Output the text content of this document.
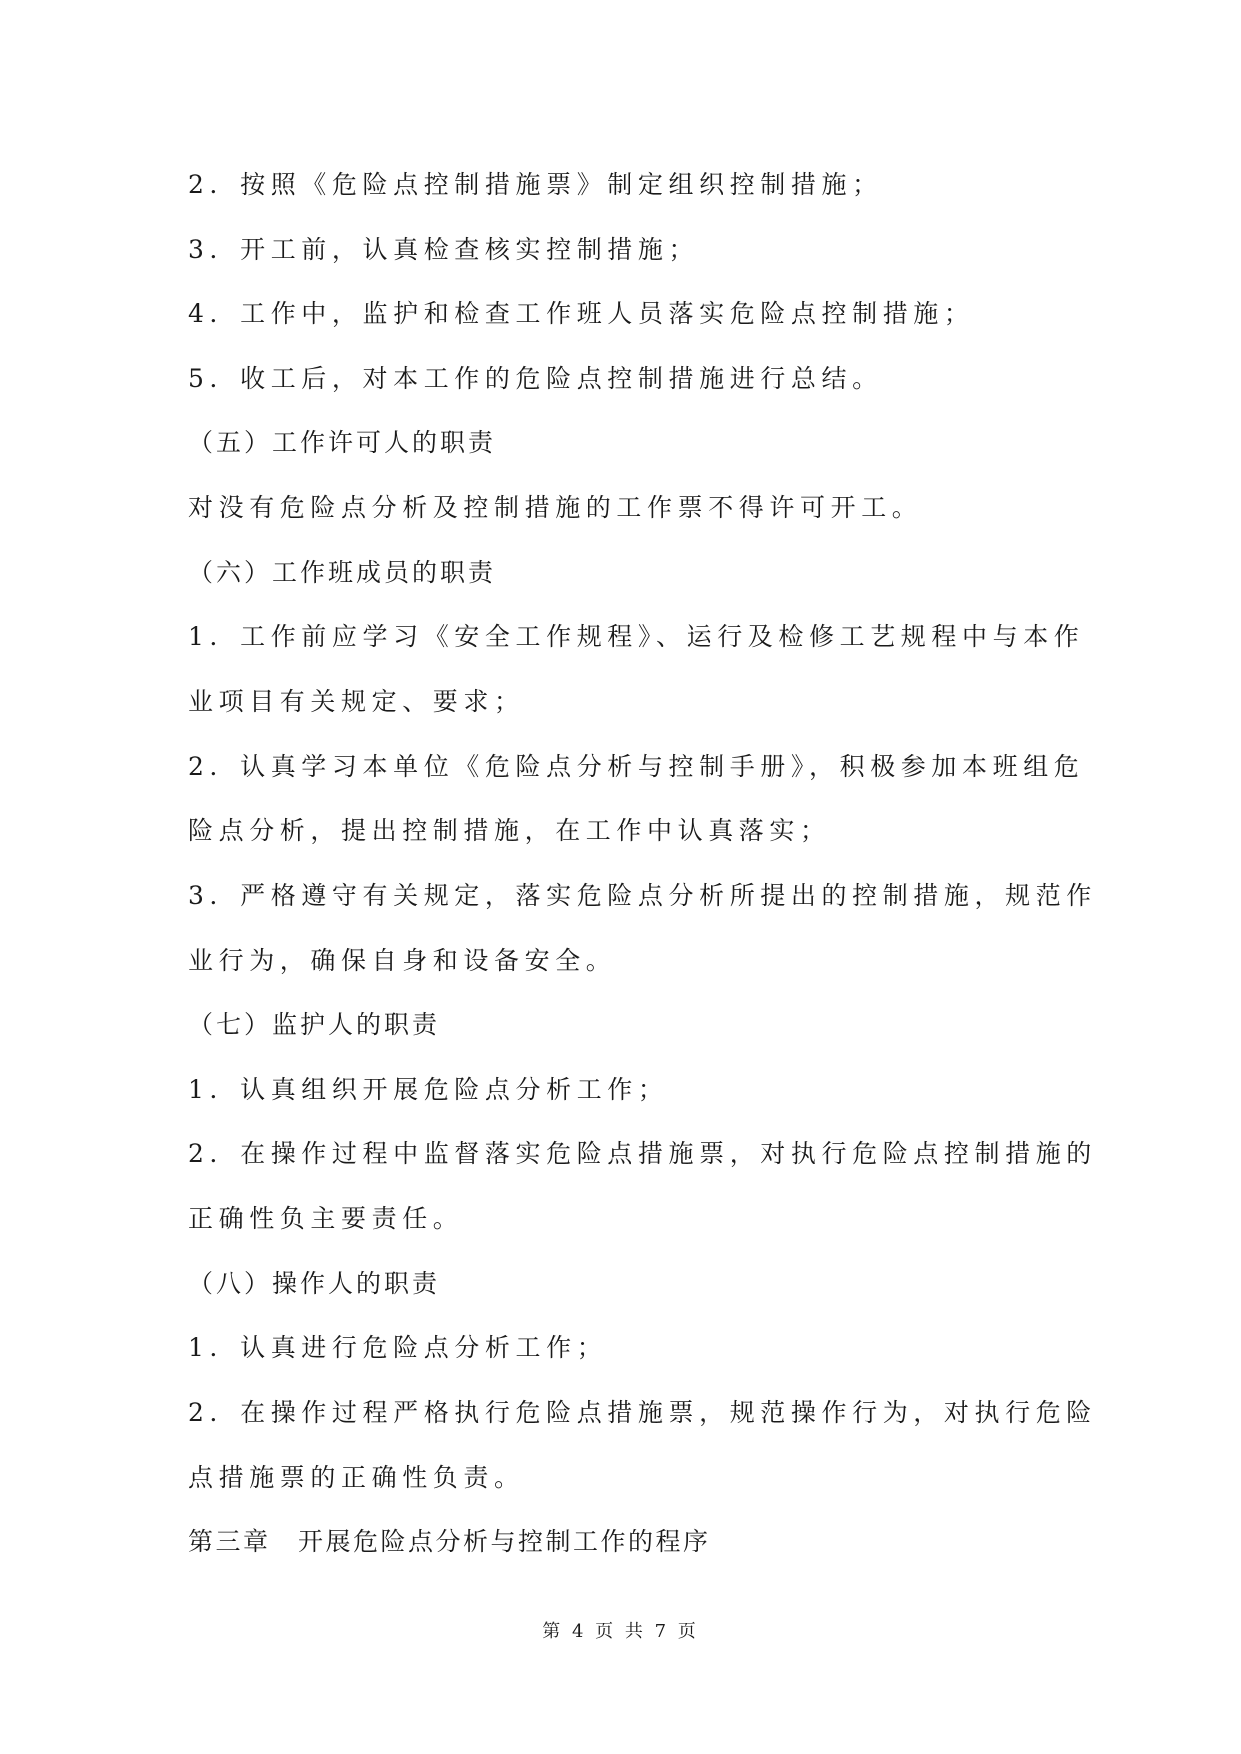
2．按照《危险点控制措施票》制定组织控制措施；
3．开工前，认真检查核实控制措施；
4．工作中，监护和检查工作班人员落实危险点控制措施；
5．收工后，对本工作的危险点控制措施进行总结。
（五）工作许可人的职责
对没有危险点分析及控制措施的工作票不得许可开工。
（六）工作班成员的职责
1．工作前应学习《安全工作规程》、运行及检修工艺规程中与本作
业项目有关规定、要求；
2．认真学习本单位《危险点分析与控制手册》，积极参加本班组危
险点分析，提出控制措施，在工作中认真落实；
3．严格遵守有关规定，落实危险点分析所提出的控制措施，规范作
业行为，确保自身和设备安全。
（七）监护人的职责
1．认真组织开展危险点分析工作；
2．在操作过程中监督落实危险点措施票，对执行危险点控制措施的
正确性负主要责任。
（八）操作人的职责
1．认真进行危险点分析工作；
2．在操作过程严格执行危险点措施票，规范操作行为，对执行危险
点措施票的正确性负责。
第三章　开展危险点分析与控制工作的程序
第 4 页 共 7 页
